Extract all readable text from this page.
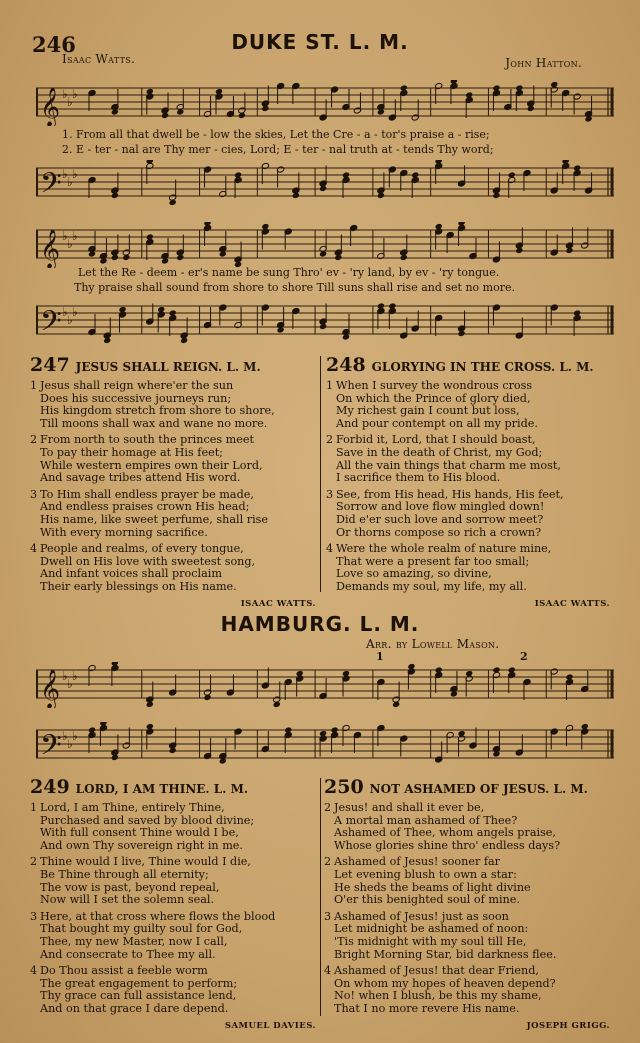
246	DUKE ST. L. M.
Isaac Watts.	John Hatton.
𝄞 ♭
♭
♭
1. From all that dwell be - low the skies, Let the Cre - a - tor's praise a - rise;
2. E - ter - nal are Thy mer - cies, Lord; E - ter - nal truth at - tends Thy word;
𝄢 ♭
♭
♭
𝄞 ♭
♭
♭
Let the Re - deem - er's name be sung Thro' ev - 'ry land, by ev - 'ry tongue.
Thy praise shall sound from shore to shore Till suns shall rise and set no more.
𝄢 ♭
♭
♭
247 JESUS SHALL REIGN. L. M.
1 Jesus shall reign where'er the sun
Does his successive journeys run;
His kingdom stretch from shore to shore,
Till moons shall wax and wane no more.
2 From north to south the princes meet
To pay their homage at His feet;
While western empires own their Lord,
And savage tribes attend His word.
3 To Him shall endless prayer be made,
And endless praises crown His head;
His name, like sweet perfume, shall rise
With every morning sacrifice.
4 People and realms, of every tongue,
Dwell on His love with sweetest song,
And infant voices shall proclaim
Their early blessings on His name.
ISAAC WATTS.
248 GLORYING IN THE CROSS. L. M.
1 When I survey the wondrous cross
On which the Prince of glory died,
My richest gain I count but loss,
And pour contempt on all my pride.
2 Forbid it, Lord, that I should boast,
Save in the death of Christ, my God;
All the vain things that charm me most,
I sacrifice them to His blood.
3 See, from His head, His hands, His feet,
Sorrow and love flow mingled down!
Did e'er such love and sorrow meet?
Or thorns compose so rich a crown?
4 Were the whole realm of nature mine,
That were a present far too small;
Love so amazing, so divine,
Demands my soul, my life, my all.
ISAAC WATTS.
HAMBURG. L. M.
Arr. by Lowell Mason.
1	2
𝄞 ♭
♭
♭
𝄢 ♭
♭
♭
249 LORD, I AM THINE. L. M.
1 Lord, I am Thine, entirely Thine,
Purchased and saved by blood divine;
With full consent Thine would I be,
And own Thy sovereign right in me.
2 Thine would I live, Thine would I die,
Be Thine through all eternity;
The vow is past, beyond repeal,
Now will I set the solemn seal.
3 Here, at that cross where flows the blood
That bought my guilty soul for God,
Thee, my new Master, now I call,
And consecrate to Thee my all.
4 Do Thou assist a feeble worm
The great engagement to perform;
Thy grace can full assistance lend,
And on that grace I dare depend.
SAMUEL DAVIES.
250 NOT ASHAMED OF JESUS. L. M.
2 Jesus! and shall it ever be,
A mortal man ashamed of Thee?
Ashamed of Thee, whom angels praise,
Whose glories shine thro' endless days?
2 Ashamed of Jesus! sooner far
Let evening blush to own a star:
He sheds the beams of light divine
O'er this benighted soul of mine.
3 Ashamed of Jesus! just as soon
Let midnight be ashamed of noon:
'Tis midnight with my soul till He,
Bright Morning Star, bid darkness flee.
4 Ashamed of Jesus! that dear Friend,
On whom my hopes of heaven depend?
No! when I blush, be this my shame,
That I no more revere His name.
JOSEPH GRIGG.
